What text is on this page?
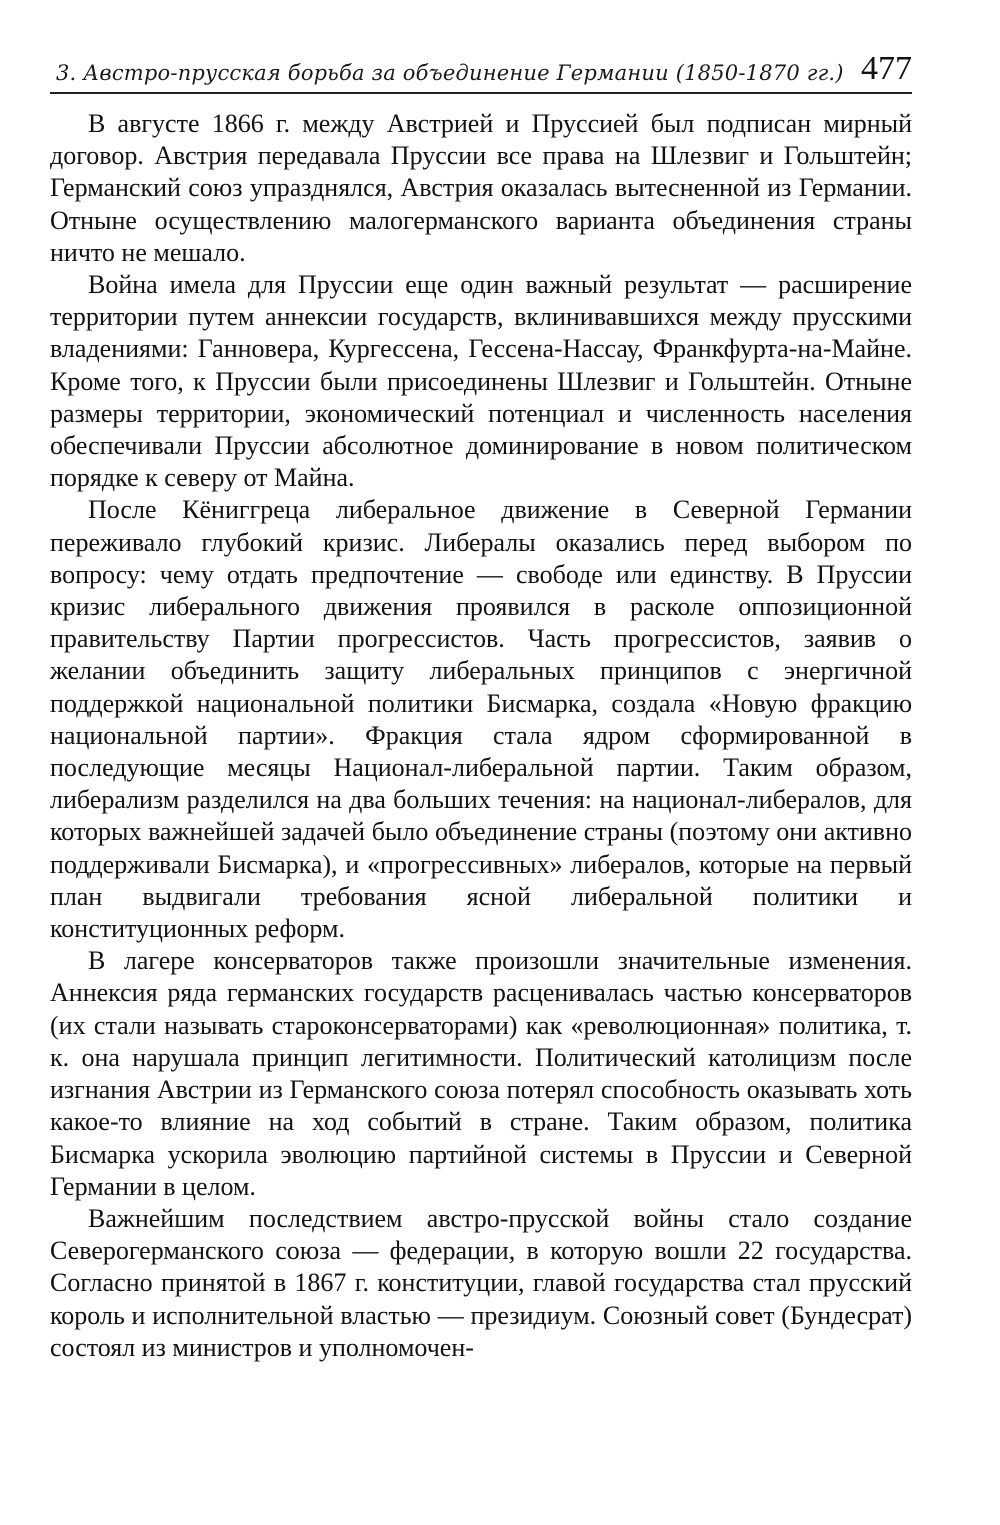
3. Австро-прусская борьба за объединение Германии (1850-1870 гг.) 477

В августе 1866 г. между Австрией и Пруссией был подписан мирный договор. Австрия передавала Пруссии все права на Шлезвиг и Гольштейн; Германский союз упразднялся, Австрия оказалась вытесненной из Германии. Отныне осуществлению малогерманского варианта объединения страны ничто не мешало.

Война имела для Пруссии еще один важный результат — расширение территории путем аннексии государств, вклинивавшихся между прусскими владениями: Ганновера, Кургессена, Гессена-Нассау, Франкфурта-на-Майне. Кроме того, к Пруссии были присоединены Шлезвиг и Гольштейн. Отныне размеры территории, экономический потенциал и численность населения обеспечивали Пруссии абсолютное доминирование в новом политическом порядке к северу от Майна.

После Кёниггреца либеральное движение в Северной Германии переживало глубокий кризис. Либералы оказались перед выбором по вопросу: чему отдать предпочтение — свободе или единству. В Пруссии кризис либерального движения проявился в расколе оппозиционной правительству Партии прогрессистов. Часть прогрессистов, заявив о желании объединить защиту либеральных принципов с энергичной поддержкой национальной политики Бисмарка, создала «Новую фракцию национальной партии». Фракция стала ядром сформированной в последующие месяцы Национал-либеральной партии. Таким образом, либерализм разделился на два больших течения: на национал-либералов, для которых важнейшей задачей было объединение страны (поэтому они активно поддерживали Бисмарка), и «прогрессивных» либералов, которые на первый план выдвигали требования ясной либеральной политики и конституционных реформ.

В лагере консерваторов также произошли значительные изменения. Аннексия ряда германских государств расценивалась частью консерваторов (их стали называть староконсерваторами) как «революционная» политика, т. к. она нарушала принцип легитимности. Политический католицизм после изгнания Австрии из Германского союза потерял способность оказывать хоть какое-то влияние на ход событий в стране. Таким образом, политика Бисмарка ускорила эволюцию партийной системы в Пруссии и Северной Германии в целом.

Важнейшим последствием австро-прусской войны стало создание Северогерманского союза — федерации, в которую вошли 22 государства. Согласно принятой в 1867 г. конституции, главой государства стал прусский король и исполнительной властью — президиум. Союзный совет (Бундесрат) состоял из министров и уполномочен-
